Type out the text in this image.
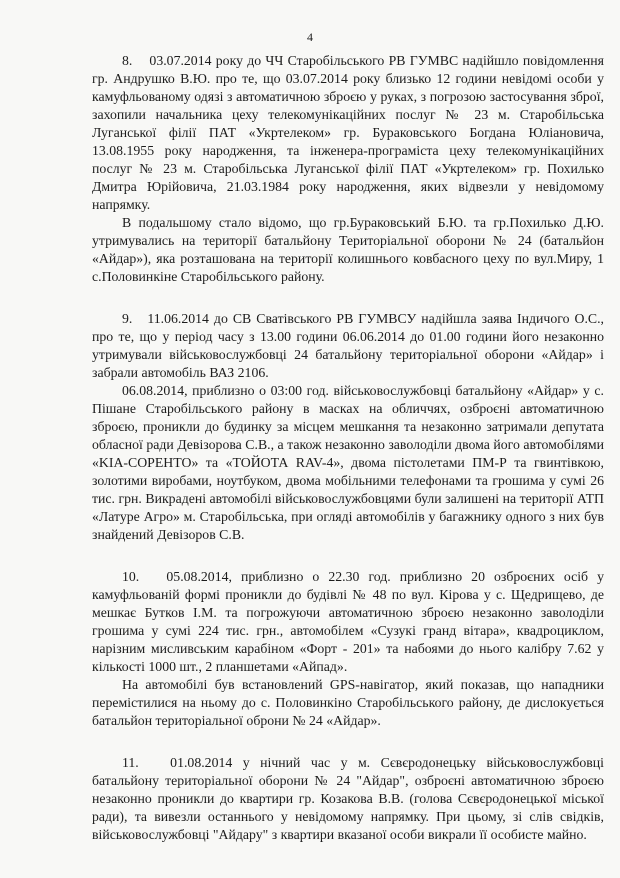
4

8.    03.07.2014 року до ЧЧ Старобільського РВ ГУМВС надійшло повідомлення гр. Андрушко В.Ю. про те, що 03.07.2014 року близько 12 години невідомі особи у камуфльованому одязі з автоматичною зброєю у руках, з погрозою застосування зброї, захопили начальника цеху телекомунікаційних послуг № 23 м. Старобільська Луганської філії ПАТ «Укртелеком» гр. Бураковського Богдана Юліановича, 13.08.1955 року народження, та інженера-програміста цеху телекомунікаційних послуг № 23 м. Старобільська Луганської філії ПАТ «Укртелеком» гр. Похилько Дмитра Юрійовича, 21.03.1984 року народження, яких відвезли у невідомому напрямку.

В подальшому стало відомо, що гр.Бураковський Б.Ю. та гр.Похилько Д.Ю. утримувались на території батальйону Територіальної оборони № 24 (батальйон «Айдар»), яка розташована на території колишнього ковбасного цеху по вул.Миру, 1 с.Половинкіне Старобільського району.

9.   11.06.2014 до СВ Сватівського РВ ГУМВСУ надійшла заява Індичого О.С., про те, що у період часу з 13.00 години 06.06.2014 до 01.00 години його незаконно утримували військовослужбовці 24 батальйону територіальної оборони «Айдар» і забрали автомобіль ВАЗ 2106.

06.08.2014, приблизно о 03:00 год. військовослужбовці батальйону «Айдар» у с. Пішане Старобільського району в масках на обличчях, озброєні автоматичною зброєю, проникли до будинку за місцем мешкання та незаконно затримали депутата обласної ради Девізорова С.В., а також незаконно заволоділи двома його автомобілями «KIA-СОРЕНТО» та «ТОЙОТА RAV-4», двома пістолетами ПМ-Р та гвинтівкою, золотими виробами, ноутбуком, двома мобільними телефонами та грошима у сумі 26 тис. грн. Викрадені автомобілі військовослужбовцями були залишені на території АТП «Латуре Агро» м. Старобільська, при огляді автомобілів у багажнику одного з них був знайдений Девізоров С.В.

10.   05.08.2014, приблизно о 22.30 год. приблизно 20 озброєних осіб у камуфльованій формі проникли до будівлі № 48 по вул. Кірова у с. Щедрищево, де мешкає Бутков І.М. та погрожуючи автоматичною зброєю незаконно заволоділи грошима у сумі 224 тис. грн., автомобілем «Сузукі гранд вітара», квадроциклом, нарізним мисливським карабіном «Форт - 201» та набоями до нього калібру 7.62 у кількості 1000 шт., 2 планшетами «Айпад».

На автомобілі був встановлений GPS-навігатор, який показав, що нападники перемістилися на ньому до с. Половинкіно Старобільського району, де дислокується батальйон територіальної оброни № 24 «Айдар».

11.   01.08.2014 у нічний час у м. Сєвєродонецьку військовослужбовці батальйону територіальної оборони № 24 "Айдар", озброєні автоматичною зброєю незаконно проникли до квартири гр. Козакова В.В. (голова Сєвєродонецької міської ради), та вивезли останнього у невідомому напрямку. При цьому, зі слів свідків, військовослужбовці "Айдару" з квартири вказаної особи викрали її особисте майно.
